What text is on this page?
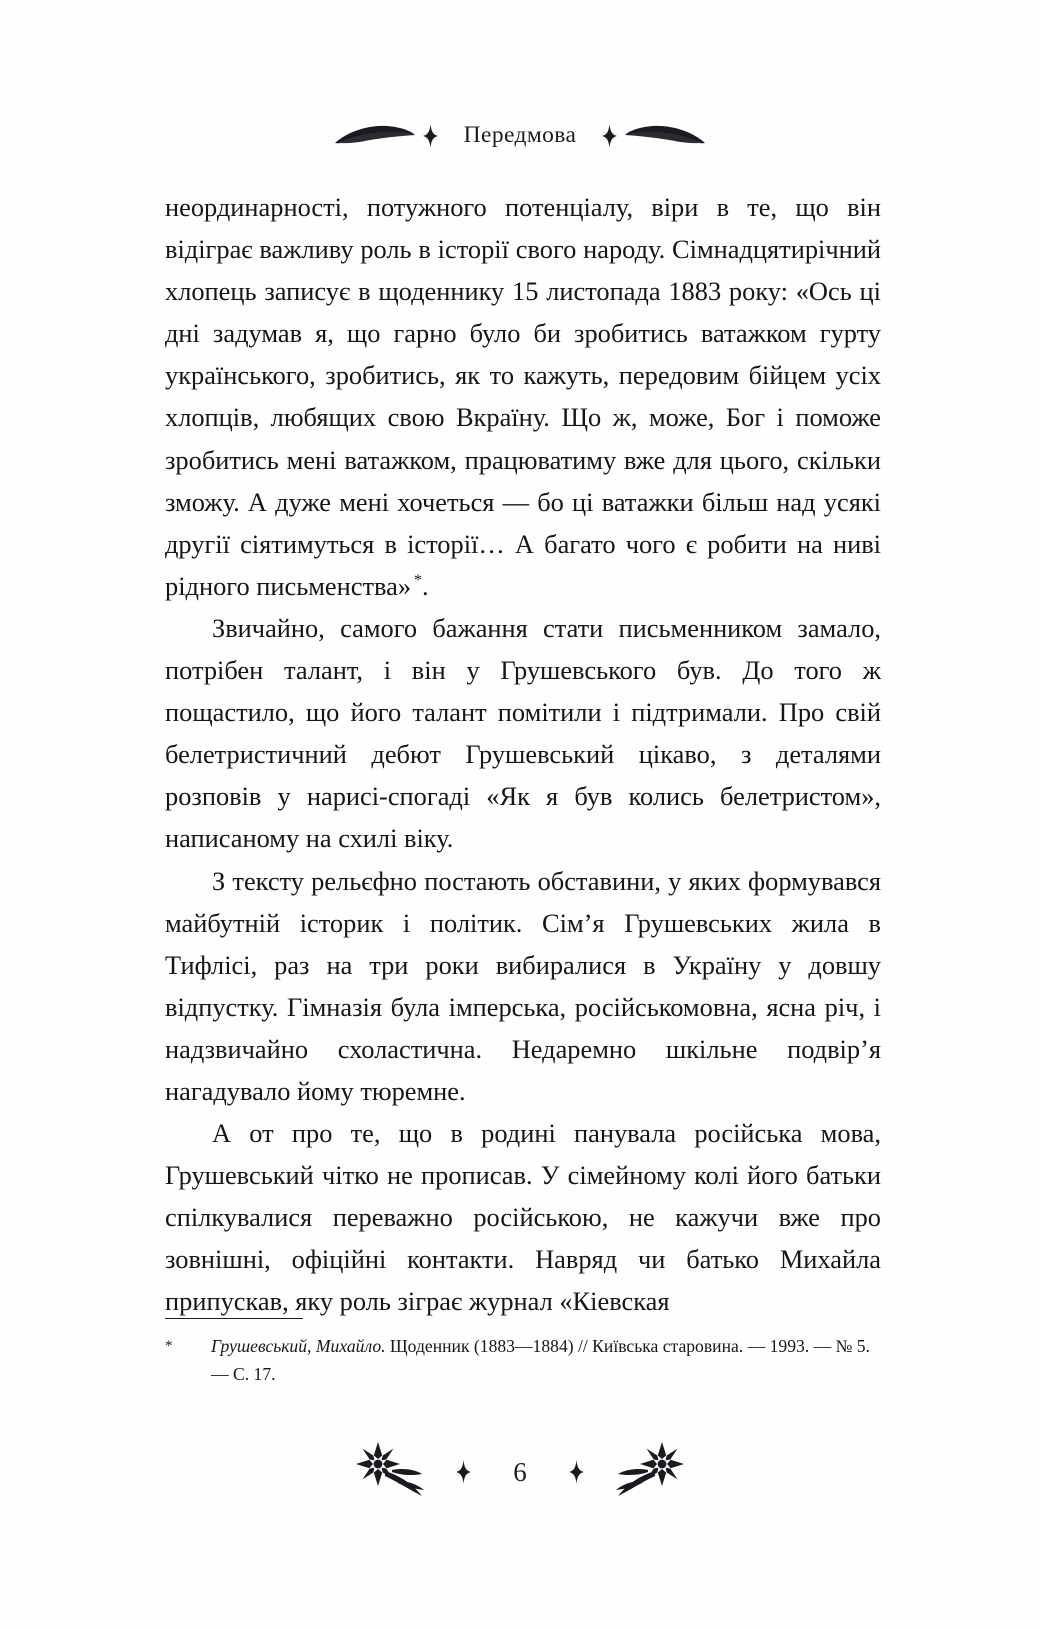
Передмова

неординарності, потужного потенціалу, віри в те, що він відіграє важливу роль в історії свого народу. Сімнадцятирічний хлопець записує в щоденнику 15 листопада 1883 року: «Ось ці дні задумав я, що гарно було би зробитись ватажком гурту українського, зробитись, як то кажуть, передовим бійцем усіх хлопців, любящих свою Вкраїну. Що ж, може, Бог і поможе зробитись мені ватажком, працюватиму вже для цього, скільки зможу. А дуже мені хочеться — бо ці ватажки більш над усякі другії сіятимуться в історії… А багато чого є робити на ниві рідного письменства» *.

Звичайно, самого бажання стати письменником замало, потрібен талант, і він у Грушевського був. До того ж пощастило, що його талант помітили і підтримали. Про свій белетристичний дебют Грушевський цікаво, з деталями розповів у нарисі-спогаді «Як я був колись белетристом», написаному на схилі віку.

З тексту рельєфно постають обставини, у яких формувався майбутній історик і політик. Сім’я Грушевських жила в Тифлісі, раз на три роки вибиралися в Україну у довшу відпустку. Гімназія була імперська, російськомовна, ясна річ, і надзвичайно схоластична. Недаремно шкільне подвір’я нагадувало йому тюремне.

А от про те, що в родині панувала російська мова, Грушевський чітко не прописав. У сімейному колі його батьки спілкувалися переважно російською, не кажучи вже про зовнішні, офіційні контакти. Навряд чи батько Михайла припускав, яку роль зіграє журнал «Кіевская

* Грушевський, Михайло. Щоденник (1883—1884) // Київська старовина. — 1993. — № 5. — С. 17.
6
